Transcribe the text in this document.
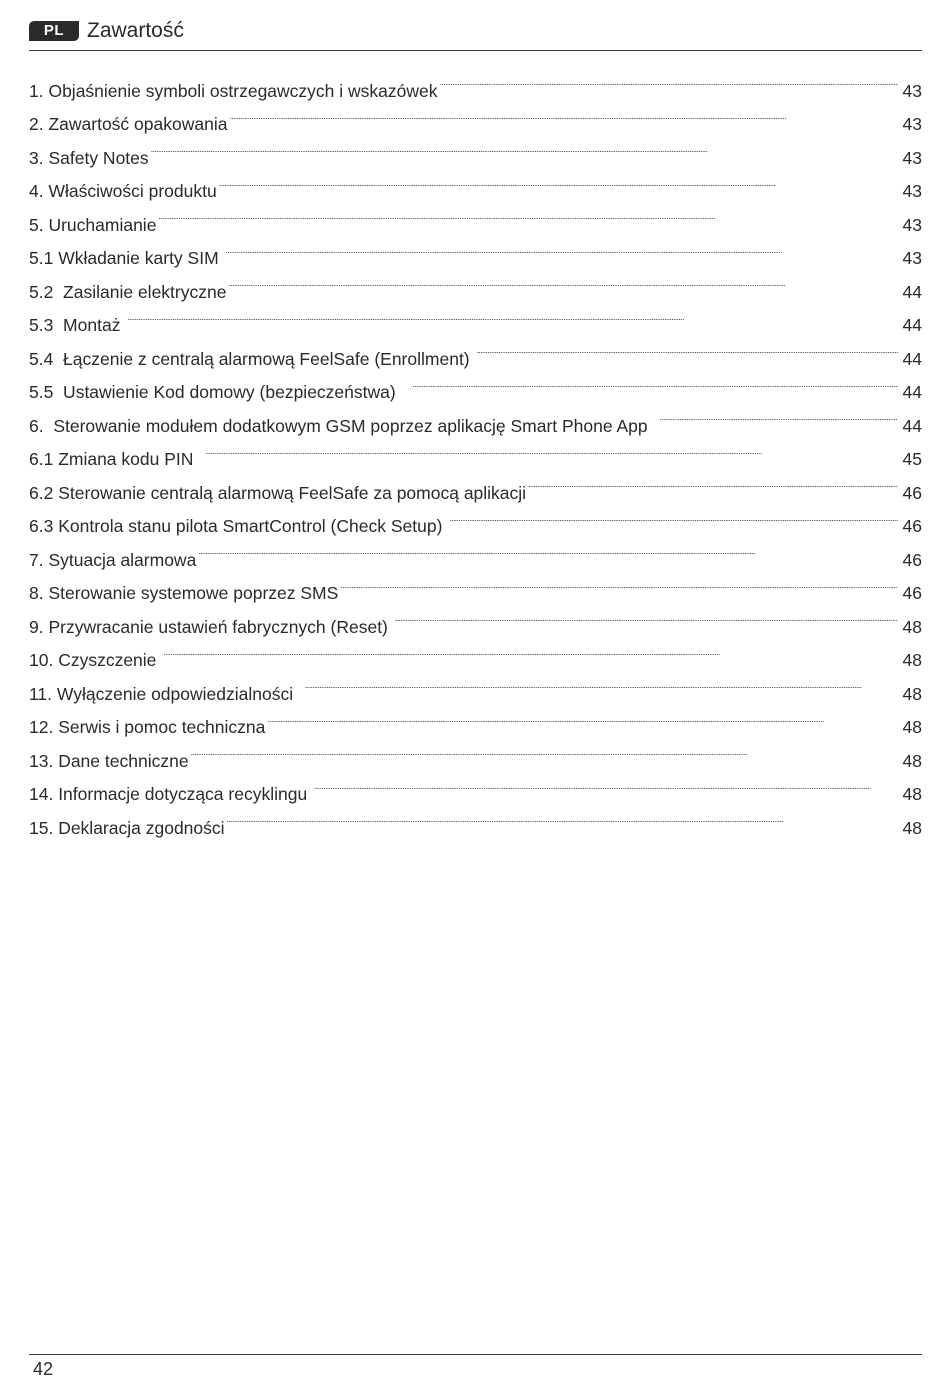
PL	Zawartość
1. Objaśnienie symboli ostrzegawczych i wskazówek . . .	43
2. Zawartość opakowania . . .	43
3. Safety Notes . . .	43
4. Właściwości produktu . . .	43
5. Uruchamianie . . .	43
5.1 Wkładanie karty SIM . . .	43
5.2  Zasilanie elektryczne . . .	44
5.3  Montaż . . .	44
5.4  Łączenie z centralą alarmową FeelSafe (Enrollment) . . .	44
5.5  Ustawienie Kod domowy (bezpieczeństwa) . . .	44
6.  Sterowanie modułem dodatkowym GSM poprzez aplikację Smart Phone App . . .	44
6.1 Zmiana kodu PIN . . .	45
6.2 Sterowanie centralą alarmową FeelSafe za pomocą aplikacji . . .	46
6.3 Kontrola stanu pilota SmartControl (Check Setup) . . .	46
7. Sytuacja alarmowa . . .	46
8. Sterowanie systemowe poprzez SMS . . .	46
9. Przywracanie ustawień fabrycznych (Reset) . . .	48
10. Czyszczenie . . .	48
11. Wyłączenie odpowiedzialności . . .	48
12. Serwis i pomoc techniczna . . .	48
13. Dane techniczne . . .	48
14. Informacje dotycząca recyklingu . . .	48
15. Deklaracja zgodności . . .	48
42
